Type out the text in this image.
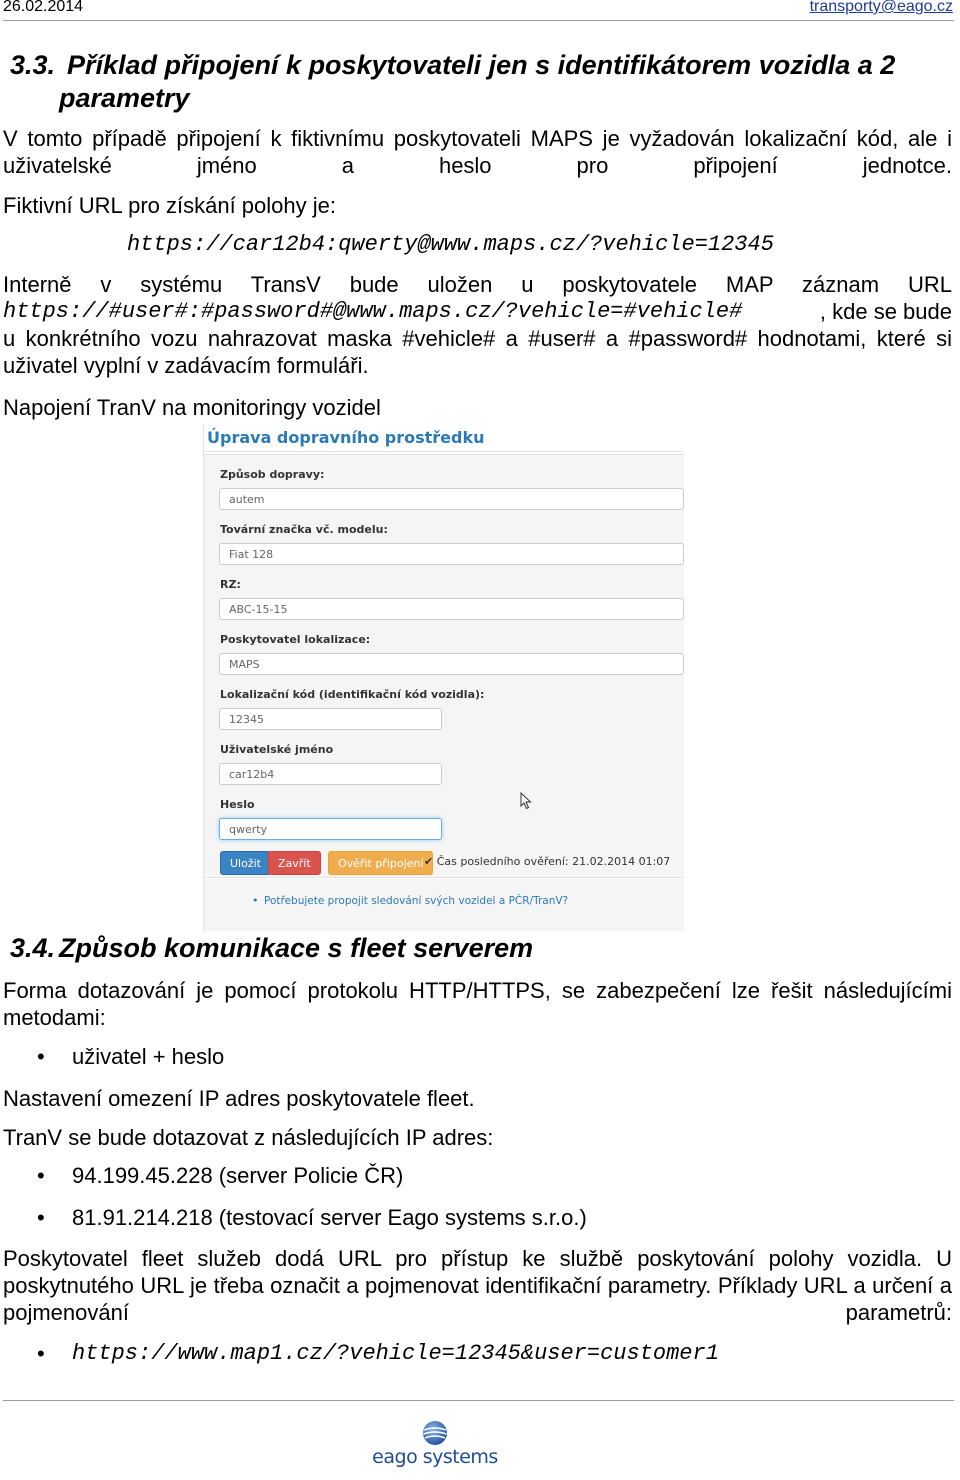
26.02.2014	transporty@eago.cz
3.3. Příklad připojení k poskytovateli jen s identifikátorem vozidla a 2
parametry
V tomto případě připojení k fiktivnímu poskytovateli MAPS je vyžadován lokalizační kód, ale i uživatelské jméno a heslo pro připojení jednotce.
Fiktivní URL pro získání polohy je:
https://car12b4:qwerty@www.maps.cz/?vehicle=12345
Interně v systému TransV bude uložen u poskytovatele MAP záznam URL
https://#user#:#password#@www.maps.cz/?vehicle=#vehicle#	, kde se bude
u konkrétního vozu nahrazovat maska #vehicle# a #user# a #password# hodnotami, které si uživatel vyplní v zadávacím formuláři.
Napojení TranV na monitoringy vozidel
Úprava dopravního prostředku
Způsob dopravy:
autem
Tovární značka vč. modelu:
Fiat 128
RZ:
ABC-15-15
Poskytovatel lokalizace:
MAPS
Lokalizační kód (identifikační kód vozidla):
12345
Uživatelské jméno
car12b4
Heslo
qwerty
Uložit	Zavřít	Ověřit připojení ✔ Čas posledního ověření: 21.02.2014 01:07
• Potřebujete propojit sledování svých vozidel a PČR/TranV?
3.4. Způsob komunikace s fleet serverem
Forma dotazování je pomocí protokolu HTTP/HTTPS, se zabezpečení lze řešit následujícími metodami:
• uživatel + heslo
Nastavení omezení IP adres poskytovatele fleet.
TranV se bude dotazovat z následujících IP adres:
• 94.199.45.228 (server Policie ČR)
• 81.91.214.218 (testovací server Eago systems s.r.o.)
Poskytovatel fleet služeb dodá URL pro přístup ke službě poskytování polohy vozidla. U poskytnutého URL je třeba označit a pojmenovat identifikační parametry. Příklady URL a určení a pojmenování parametrů:
• https://www.map1.cz/?vehicle=12345&user=customer1
eago systems
